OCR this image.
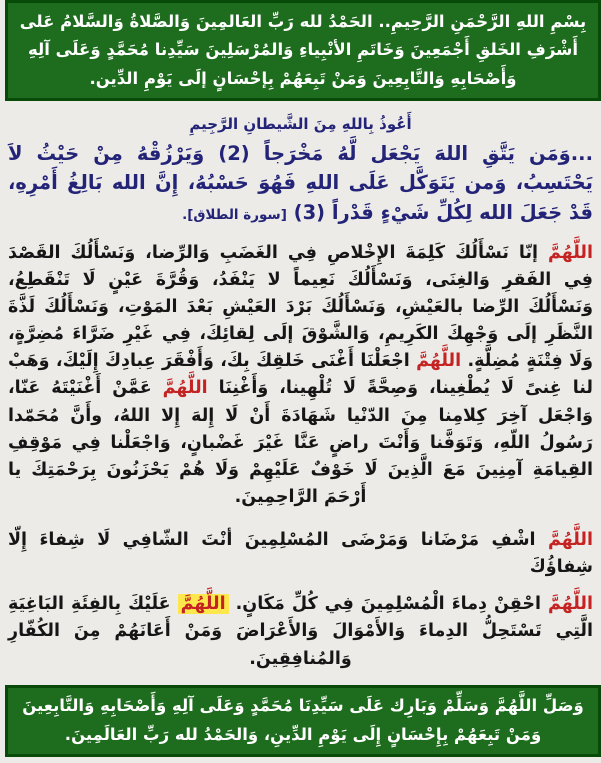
بِسْمِ اللهِ الرَّحْمَنِ الرَّحِيمِ.. الحَمْدُ لله رَبِّ العَالمِينَ وَالصَّلاةُ وَالسَّلامُ عَلى أَشْرَفِ الخَلقِ أَجْمَعِينَ وَخَاتَمِ الأنْبِياءِ وَالمُرْسَلِينَ سَيِّدِنا مُحَمَّدٍ وَعَلَى آلِهِ وَأَصْحَابِهِ وَالتَّابِعِينَ وَمَنْ تَبِعَهُمْ بِإحْسَانٍ إلَى يَوْمِ الدِّين.
أَعُوذُ بِاللهِ مِنَ الشَّيطانِ الرَّجِيمِ

...وَمَن يَتَّقِ اللهَ يَجْعَل لَّهُ مَخْرَجاً (2) وَيَرْزُقْهُ مِنْ حَيْثُ لاَ يَحْتَسِبُ، وَمن يَتَوَكَّل عَلَى اللهِ فَهُوَ حَسْبُهُ، إِنَّ الله بَالِغُ أَمْرِهِ، قَدْ جَعَلَ الله لِكُلِّ شَيْءٍ قَدْراً (3) [سورة الطلاق].

اللَّهُمَّ إنّا نَسْأَلُكَ كَلِمَةَ الإِخْلاصِ فِي الغَضَبِ وَالرِّضا، وَنَسْأَلُكَ القَصْدَ فِي الفَقرِ وَالغِنَى، وَنَسْأَلُكَ نَعِيماً لا يَنْفَدُ، وَقُرَّةَ عَيْنٍ لَا تَنْقَطِعُ، وَنَسْأَلُكَ الرِّضا بالعَيْشِ، وَنَسْأَلُكَ بَرْدَ العَيْشِ بَعْدَ المَوْتِ، وَنَسْأَلُكَ لَذَّةَ النَّظَرِ إلَى وَجْهِكَ الكَرِيمِ، وَالشَّوْقَ إلَى لِقائِكَ، فِي غَيْرِ ضَرَّاءَ مُضِرَّةٍ، وَلَا فِتْنَةٍ مُضِلَّةٍ. اللَّهُمَّ اجْعَلْنَا أَغْنَى خَلقِكَ بِكَ، وَأَفْقَرَ عِبادِكَ إِلَيْكَ، وَهَبْ لنا غِنىً لَا يُطْغِينا، وَصِحَّةً لَا تُلْهِينا، وَأَغْنِنَا اللَّهُمَّ عَمَّنْ أَغْنَيْتَهُ عَنّا، وَاجْعَل آخِرَ كِلامِنا مِنَ الدّنْيا شَهَادَةَ أَنْ لَا إِلهَ إِلا اللهُ، وأَنَّ مُحَمّدا رَسُولُ اللّهِ، وَتَوَفَّنا وَأَنْتَ راضٍ عَنَّا غَيْرَ غَضْبانٍ، وَاجْعَلْنا فِي مَوْقِفِ القِيامَةِ آمِنِينَ مَعَ الَّذِينَ لَا خَوْفٌ عَلَيْهِمْ وَلَا هُمْ يَحْزَنُونَ بِرَحْمَتِكَ يا أَرْحَمَ الرَّاحِمِينَ.

اللَّهُمَّ اشْفِ مَرْضَانا وَمَرْضَى المُسْلِمِينَ أنْتَ الشّافِي لَا شِفاءَ إِلّا شِفاؤُكَ

اللَّهُمَّ احْقِنْ دِماءَ الْمُسْلِمِينَ فِي كُلِّ مَكَانٍ. اللَّهُمَّ عَلَيْكَ بِالفِئَةِ البَاغِيَةِ الَّتِي تَسْتَحِلُّ الدِماءَ وَالأَمْوَالَ وَالأَعْرَاضَ وَمَنْ أَعَانَهُمْ مِنَ الكُفّارِ وَالمُنافِقِينَ.

وَصَلِّ اللَّهُمَّ وَسَلِّمْ وَبَارِك عَلَى سَيِّدِنَا مُحَمَّدٍ وَعَلَى آلِهِ وَأَصْحَابِهِ وَالتَّابِعِينَ وَمَنْ تَبِعَهُمْ بِإِحْسَانٍ إِلَى يَوْمِ الدِّينِ، وَالحَمْدُ لله رَبِّ العَالَمِينَ.
